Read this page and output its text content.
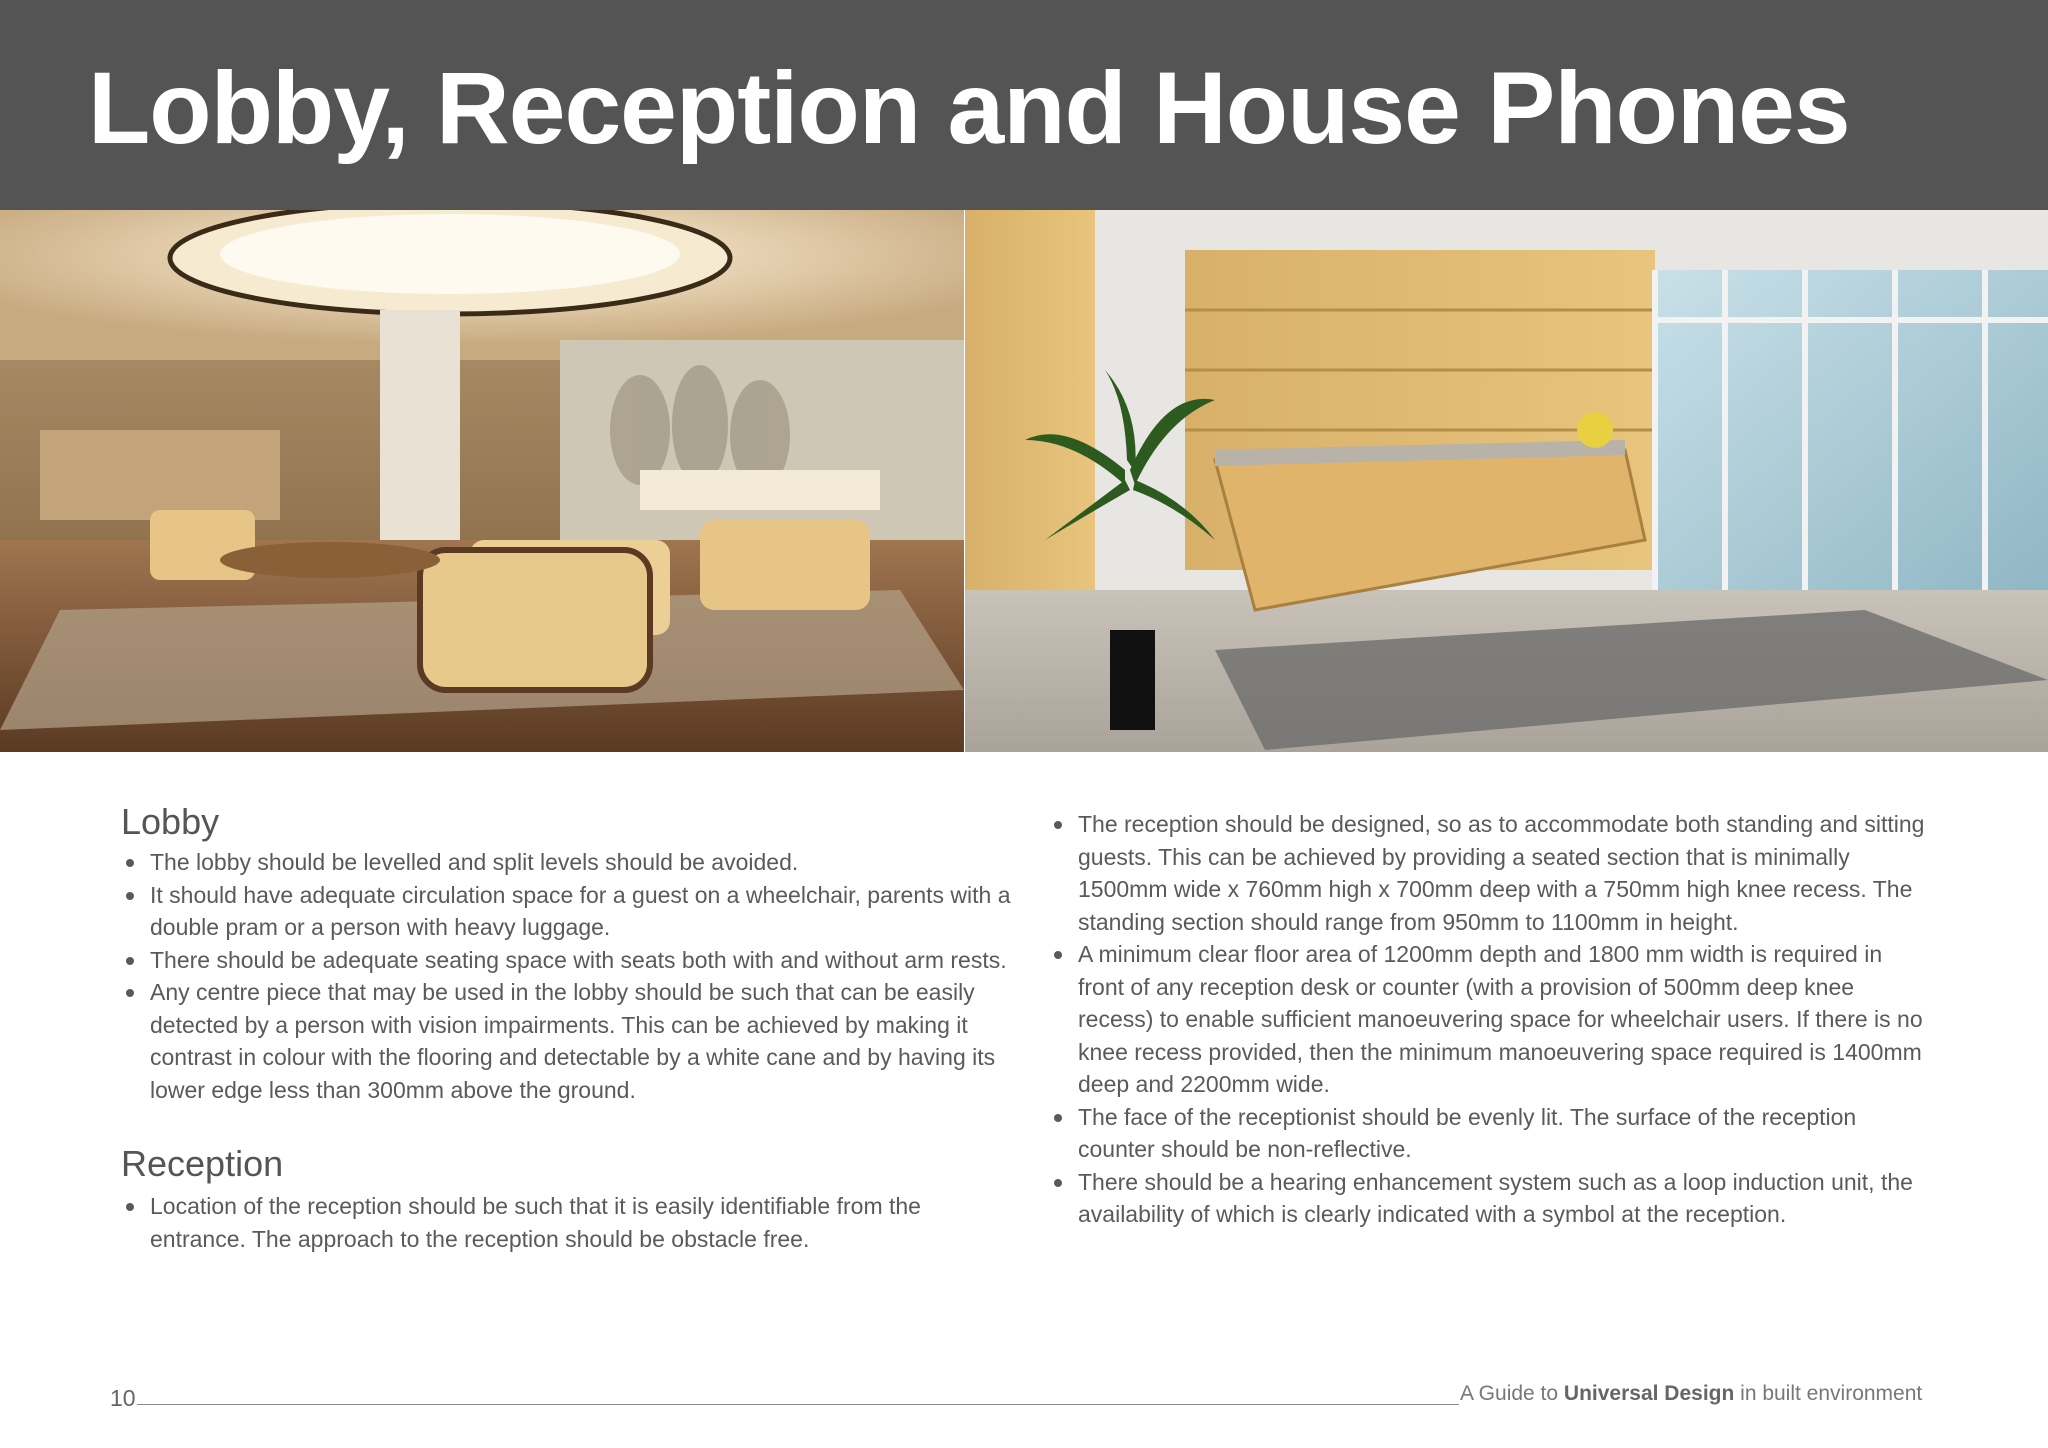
Lobby, Reception and House Phones
Lobby
The lobby should be levelled and split levels should be avoided.
It should have adequate circulation space for a guest on a wheelchair, parents with a double pram or a person with heavy luggage.
There should be adequate seating space with seats both with and without arm rests.
Any centre piece that may be used in the lobby should be such that can be easily detected by a person with vision impairments. This can be achieved by making it contrast in colour with the flooring and detectable by a white cane and by having its lower edge less than 300mm above the ground.
Reception
Location of the reception should be such that it is easily identifiable from the entrance. The approach to the reception should be obstacle free.
The reception should be designed, so as to accommodate both standing and sitting guests. This can be achieved by providing a seated section that is minimally 1500mm wide x 760mm high x 700mm deep with a 750mm high knee recess. The standing section should range from 950mm to 1100mm in height.
A minimum clear floor area of 1200mm depth and 1800 mm width is required in front of any reception desk or counter (with a provision of 500mm deep knee recess) to enable sufficient manoeuvering space for wheelchair users. If there is no knee recess provided, then the minimum manoeuvering space required is 1400mm deep and 2200mm wide.
The face of the receptionist should be evenly lit. The surface of the reception counter should be non-reflective.
There should be a hearing enhancement system such as a loop induction unit, the availability of which is clearly indicated with a symbol at the reception.
10	A Guide to Universal Design in built environment
